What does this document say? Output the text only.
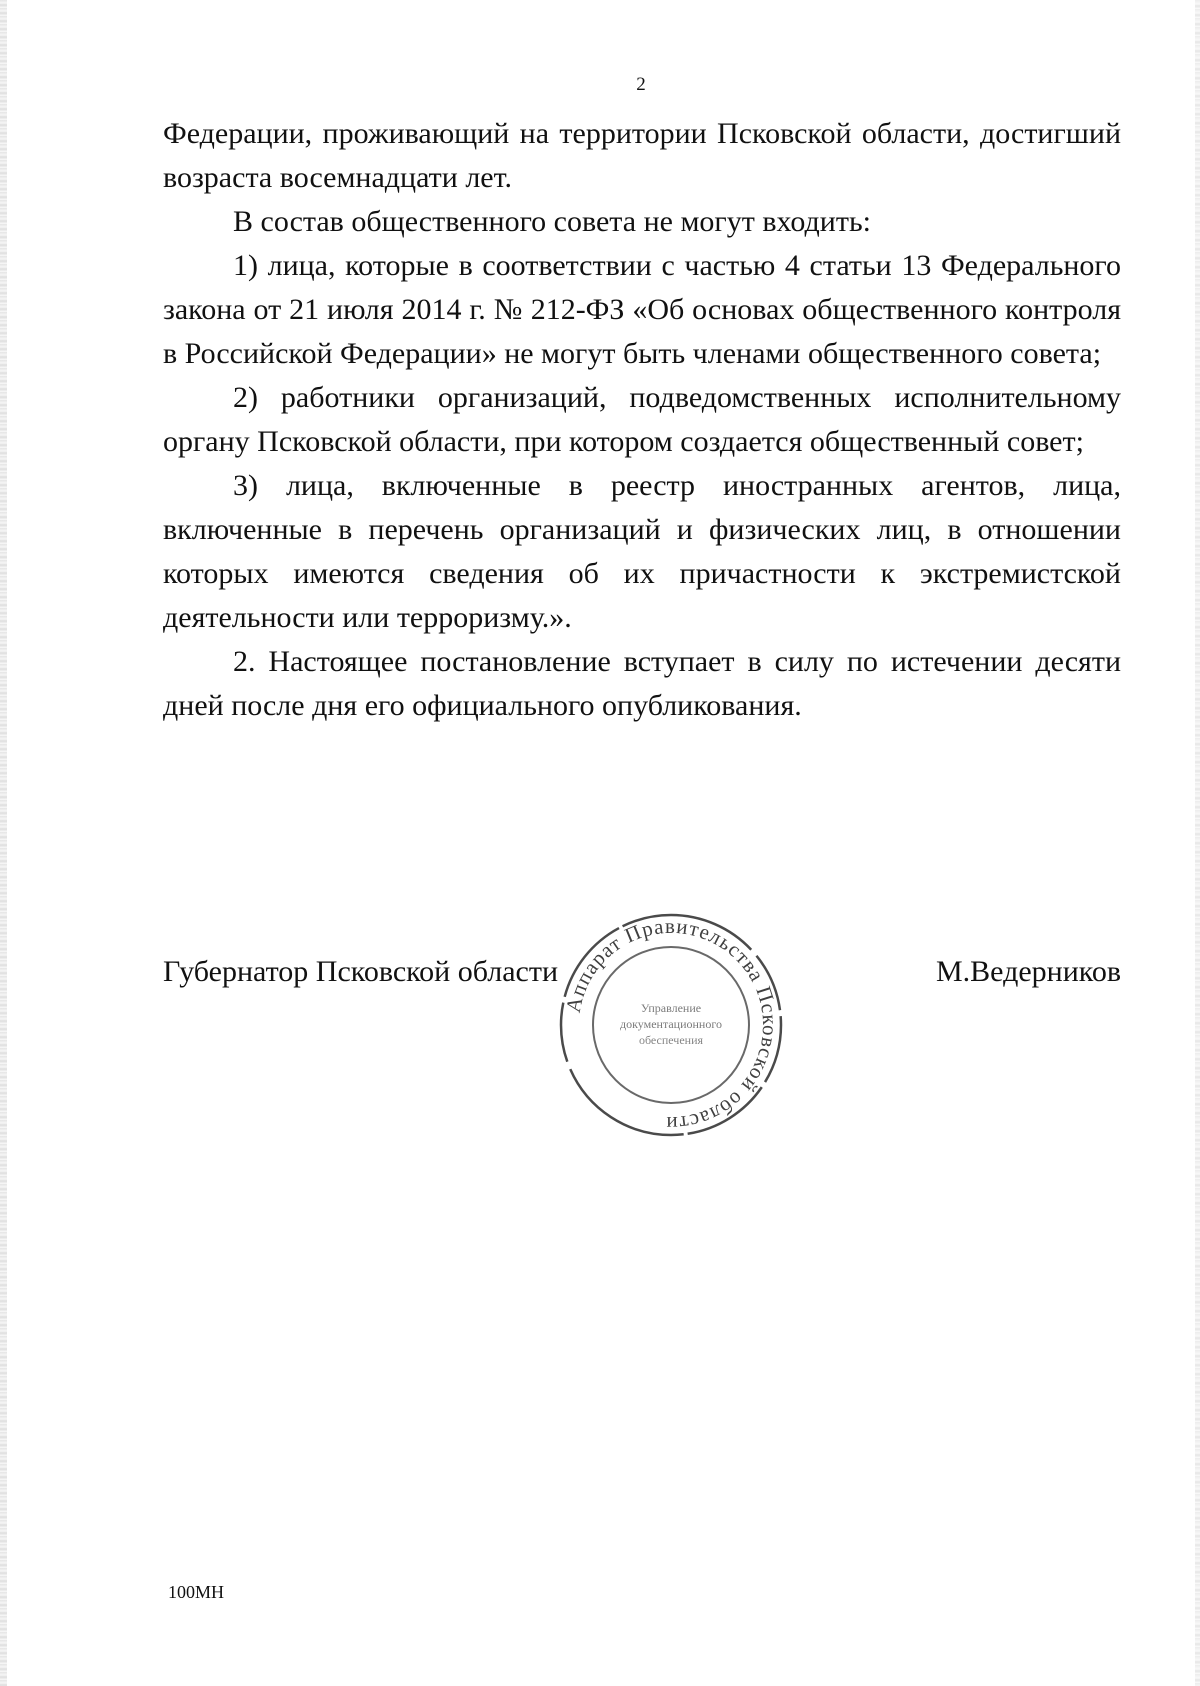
2

Федерации, проживающий на территории Псковской области, достигший возраста восемнадцати лет.

В состав общественного совета не могут входить:

1) лица, которые в соответствии с частью 4 статьи 13 Федерального закона от 21 июля 2014 г. № 212-ФЗ «Об основах общественного контроля в Российской Федерации» не могут быть членами общественного совета;

2) работники организаций, подведомственных исполнительному органу Псковской области, при котором создается общественный совет;

3) лица, включенные в реестр иностранных агентов, лица, включенные в перечень организаций и физических лиц, в отношении которых имеются сведения об их причастности к экстремистской деятельности или терроризму.».

2. Настоящее постановление вступает в силу по истечении десяти дней после дня его официального опубликования.

Губернатор Псковской области	М.Ведерников
Аппарат Правительства Псковской области
Управление
документационного
обеспечения
100МН
